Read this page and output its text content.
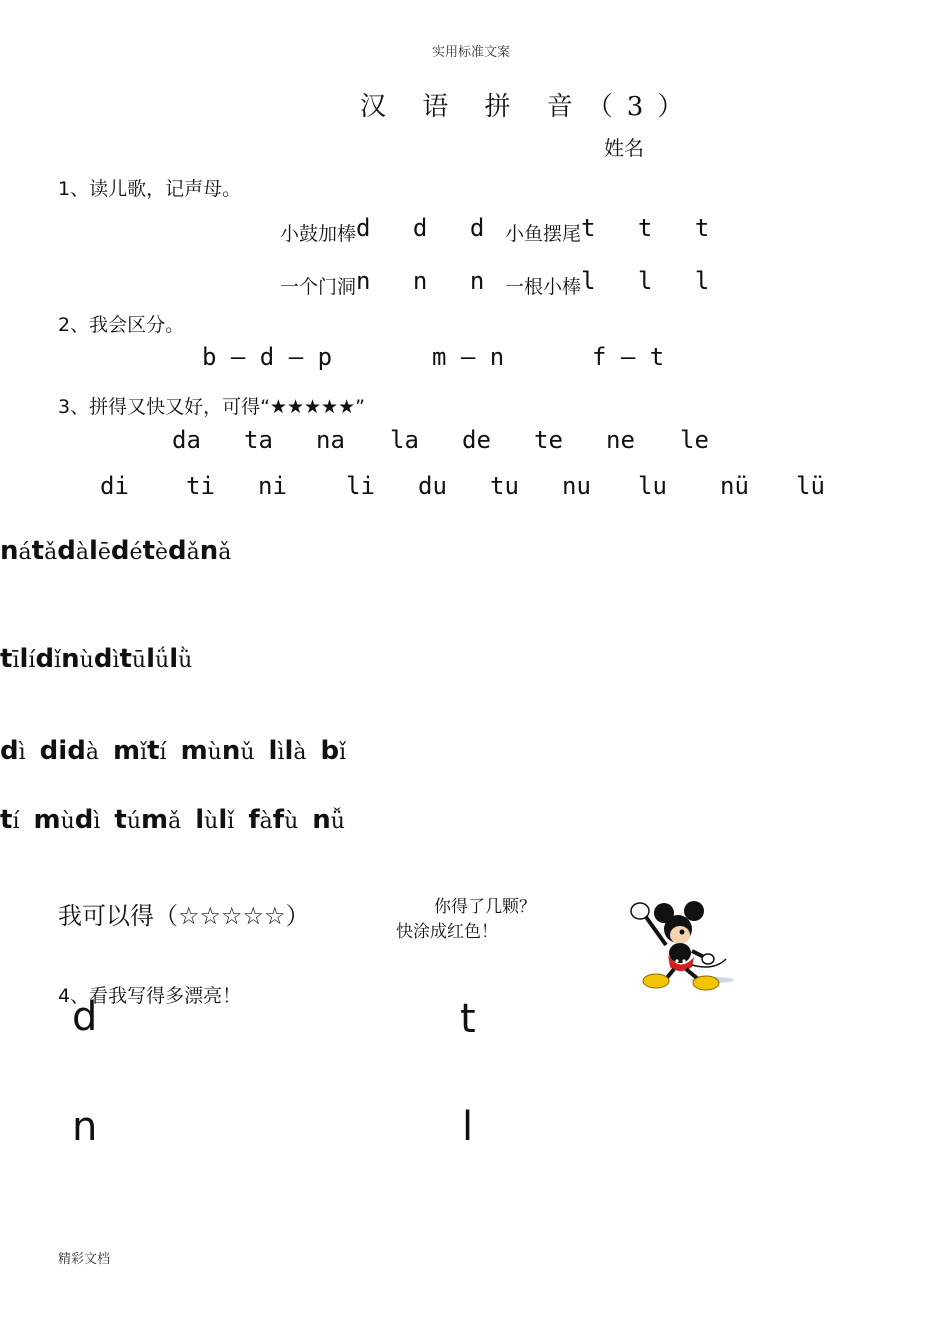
实用标准文案
汉 语 拼 音（3）
姓名
1、读儿歌，记声母。
小鼓加棒d d d 小鱼摆尾t t t
一个门洞n n n 一根小棒l l l
2、我会区分。
b – d – p	m – n	f – t
3、拼得又快又好，可得“★★★★★”
da ta na la de te ne le
di ti ni li du tu nu lu nü lü
nátǎdàlēdétèdǎnǎ
tīlídǐnùdìtūlǘlǜ
dì didà mǐtí mùnǔ lìlà bǐ
tí mùdì túmǎ lùlǐ fàfù nǚ
我可以得（☆☆☆☆☆）	你得了几颗？
快涂成红色！
4、看我写得多漂亮！
d	t
n	l
精彩文档
